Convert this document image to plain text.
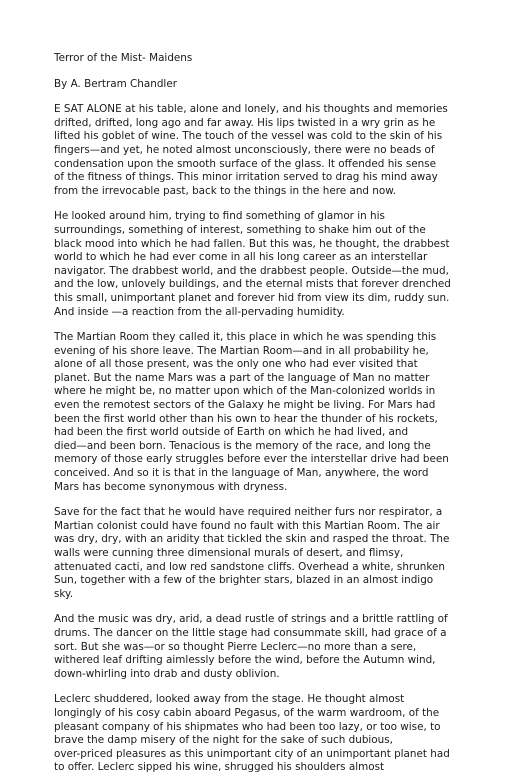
Terror of the Mist- Maidens
By A. Bertram Chandler
E SAT ALONE at his table, alone and lonely, and his thoughts and memories
drifted, drifted, long ago and far away. His lips twisted in a wry grin as he
lifted his goblet of wine. The touch of the vessel was cold to the skin of his
fingers—and yet, he noted almost unconsciously, there were no beads of
condensation upon the smooth surface of the glass. It offended his sense
of the fitness of things. This minor irritation served to drag his mind away
from the irrevocable past, back to the things in the here and now.
He looked around him, trying to find something of glamor in his
surroundings, something of interest, something to shake him out of the
black mood into which he had fallen. But this was, he thought, the drabbest
world to which he had ever come in all his long career as an interstellar
navigator. The drabbest world, and the drabbest people. Outside—the mud,
and the low, unlovely buildings, and the eternal mists that forever drenched
this small, unimportant planet and forever hid from view its dim, ruddy sun.
And inside —a reaction from the all-pervading humidity.
The Martian Room they called it, this place in which he was spending this
evening of his shore leave. The Martian Room—and in all probability he,
alone of all those present, was the only one who had ever visited that
planet. But the name Mars was a part of the language of Man no matter
where he might be, no matter upon which of the Man-colonized worlds in
even the remotest sectors of the Galaxy he might be living. For Mars had
been the first world other than his own to hear the thunder of his rockets,
had been the first world outside of Earth on which he had lived, and
died—and been born. Tenacious is the memory of the race, and long the
memory of those early struggles before ever the interstellar drive had been
conceived. And so it is that in the language of Man, anywhere, the word
Mars has become synonymous with dryness.
Save for the fact that he would have required neither furs nor respirator, a
Martian colonist could have found no fault with this Martian Room. The air
was dry, dry, with an aridity that tickled the skin and rasped the throat. The
walls were cunning three dimensional murals of desert, and flimsy,
attenuated cacti, and low red sandstone cliffs. Overhead a white, shrunken
Sun, together with a few of the brighter stars, blazed in an almost indigo
sky.
And the music was dry, arid, a dead rustle of strings and a brittle rattling of
drums. The dancer on the little stage had consummate skill, had grace of a
sort. But she was—or so thought Pierre Leclerc—no more than a sere,
withered leaf drifting aimlessly before the wind, before the Autumn wind,
down-whirling into drab and dusty oblivion.
Leclerc shuddered, looked away from the stage. He thought almost
longingly of his cosy cabin aboard Pegasus, of the warm wardroom, of the
pleasant company of his shipmates who had been too lazy, or too wise, to
brave the damp misery of the night for the sake of such dubious,
over-priced pleasures as this unimportant city of an unimportant planet had
to offer. Leclerc sipped his wine, shrugged his shoulders almost
